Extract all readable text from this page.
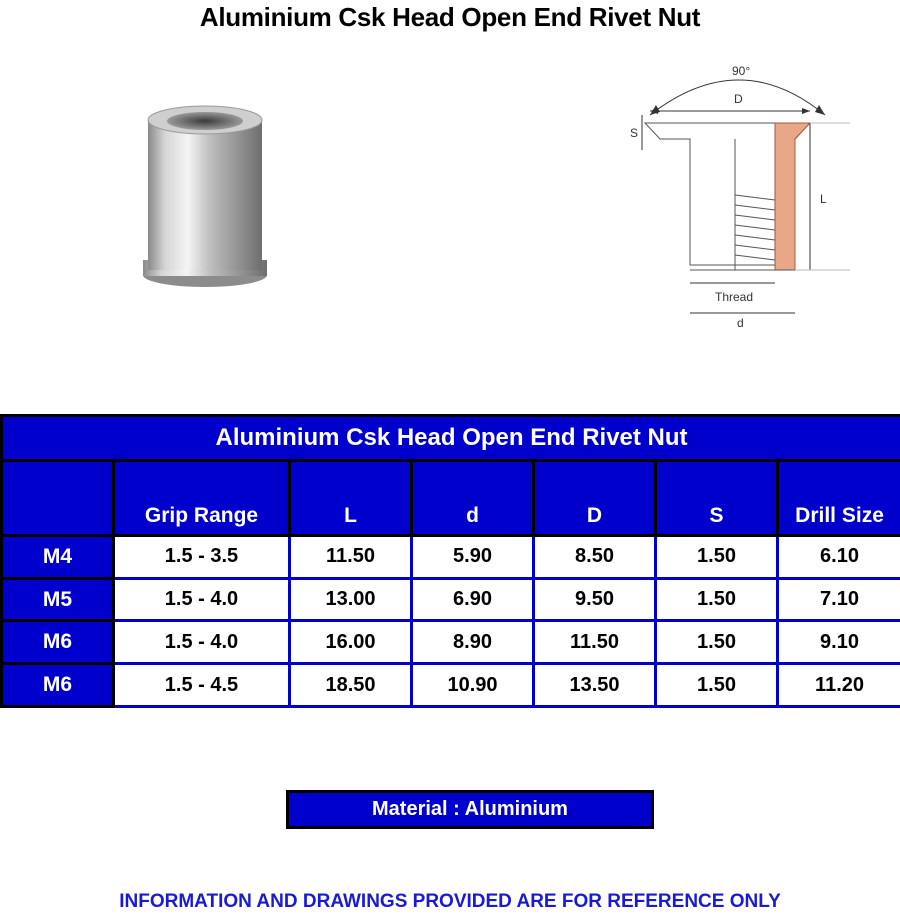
Aluminium Csk Head Open End Rivet Nut
90°
D
S
L
Thread
d
Aluminium Csk Head Open End Rivet Nut						
	Grip Range	L	d	D	S	Drill Size
M4	1.5 - 3.5	11.50	5.90	8.50	1.50	6.10
M5	1.5 - 4.0	13.00	6.90	9.50	1.50	7.10
M6	1.5 - 4.0	16.00	8.90	11.50	1.50	9.10
M6	1.5 - 4.5	18.50	10.90	13.50	1.50	11.20
Material : Aluminium
INFORMATION AND DRAWINGS PROVIDED ARE FOR REFERENCE ONLY
